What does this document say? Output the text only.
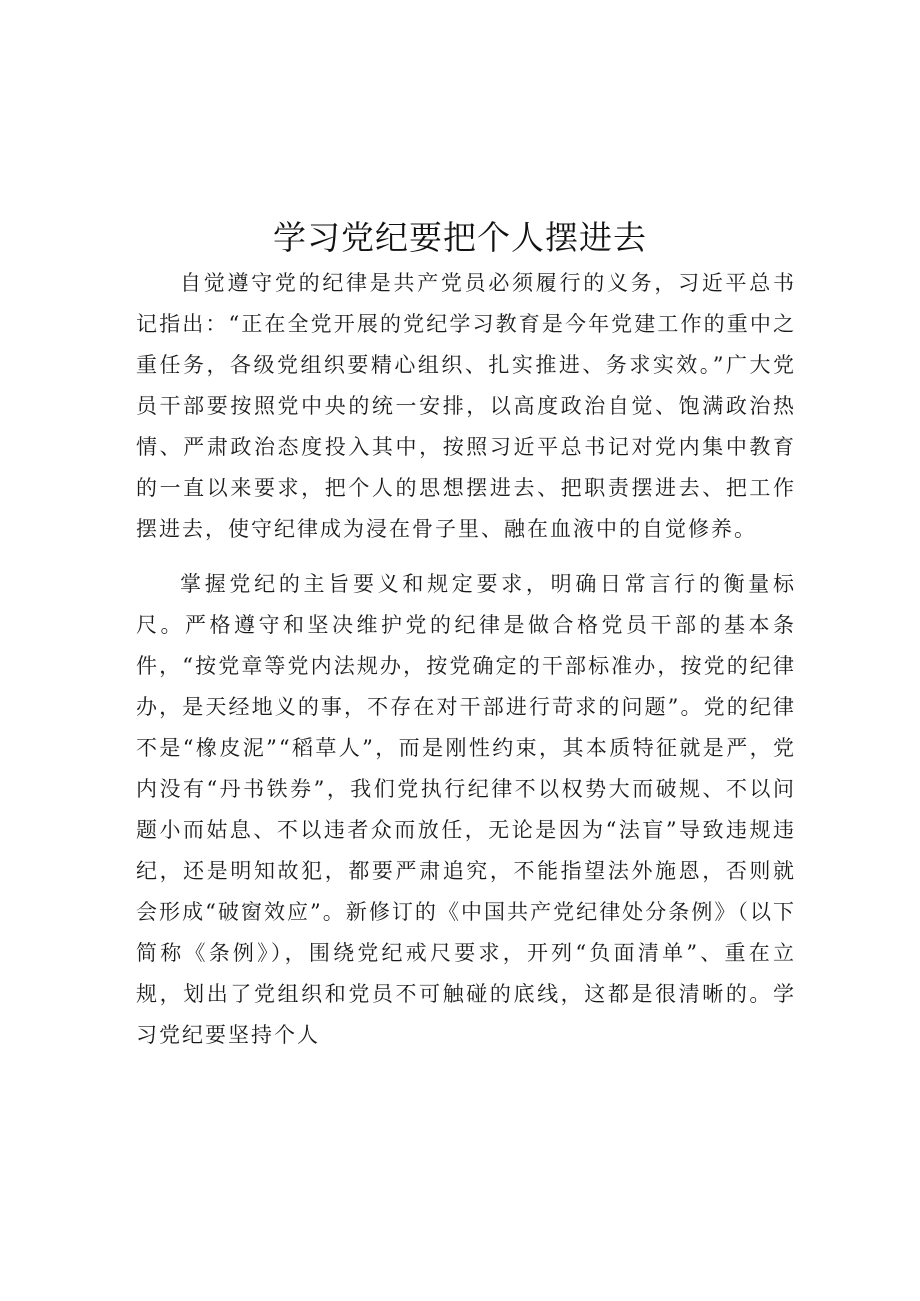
学习党纪要把个人摆进去

自觉遵守党的纪律是共产党员必须履行的义务，习近平总书记指出：“正在全党开展的党纪学习教育是今年党建工作的重中之重任务，各级党组织要精心组织、扎实推进、务求实效。”广大党员干部要按照党中央的统一安排，以高度政治自觉、饱满政治热情、严肃政治态度投入其中，按照习近平总书记对党内集中教育的一直以来要求，把个人的思想摆进去、把职责摆进去、把工作摆进去，使守纪律成为浸在骨子里、融在血液中的自觉修养。

掌握党纪的主旨要义和规定要求，明确日常言行的衡量标尺。严格遵守和坚决维护党的纪律是做合格党员干部的基本条件，“按党章等党内法规办，按党确定的干部标准办，按党的纪律办，是天经地义的事，不存在对干部进行苛求的问题”。党的纪律不是“橡皮泥”“稻草人”，而是刚性约束，其本质特征就是严，党内没有“丹书铁券”，我们党执行纪律不以权势大而破规、不以问题小而姑息、不以违者众而放任，无论是因为“法盲”导致违规违纪，还是明知故犯，都要严肃追究，不能指望法外施恩，否则就会形成“破窗效应”。新修订的《中国共产党纪律处分条例》（以下简称《条例》），围绕党纪戒尺要求，开列“负面清单”、重在立规，划出了党组织和党员不可触碰的底线，这都是很清晰的。学习党纪要坚持个人
